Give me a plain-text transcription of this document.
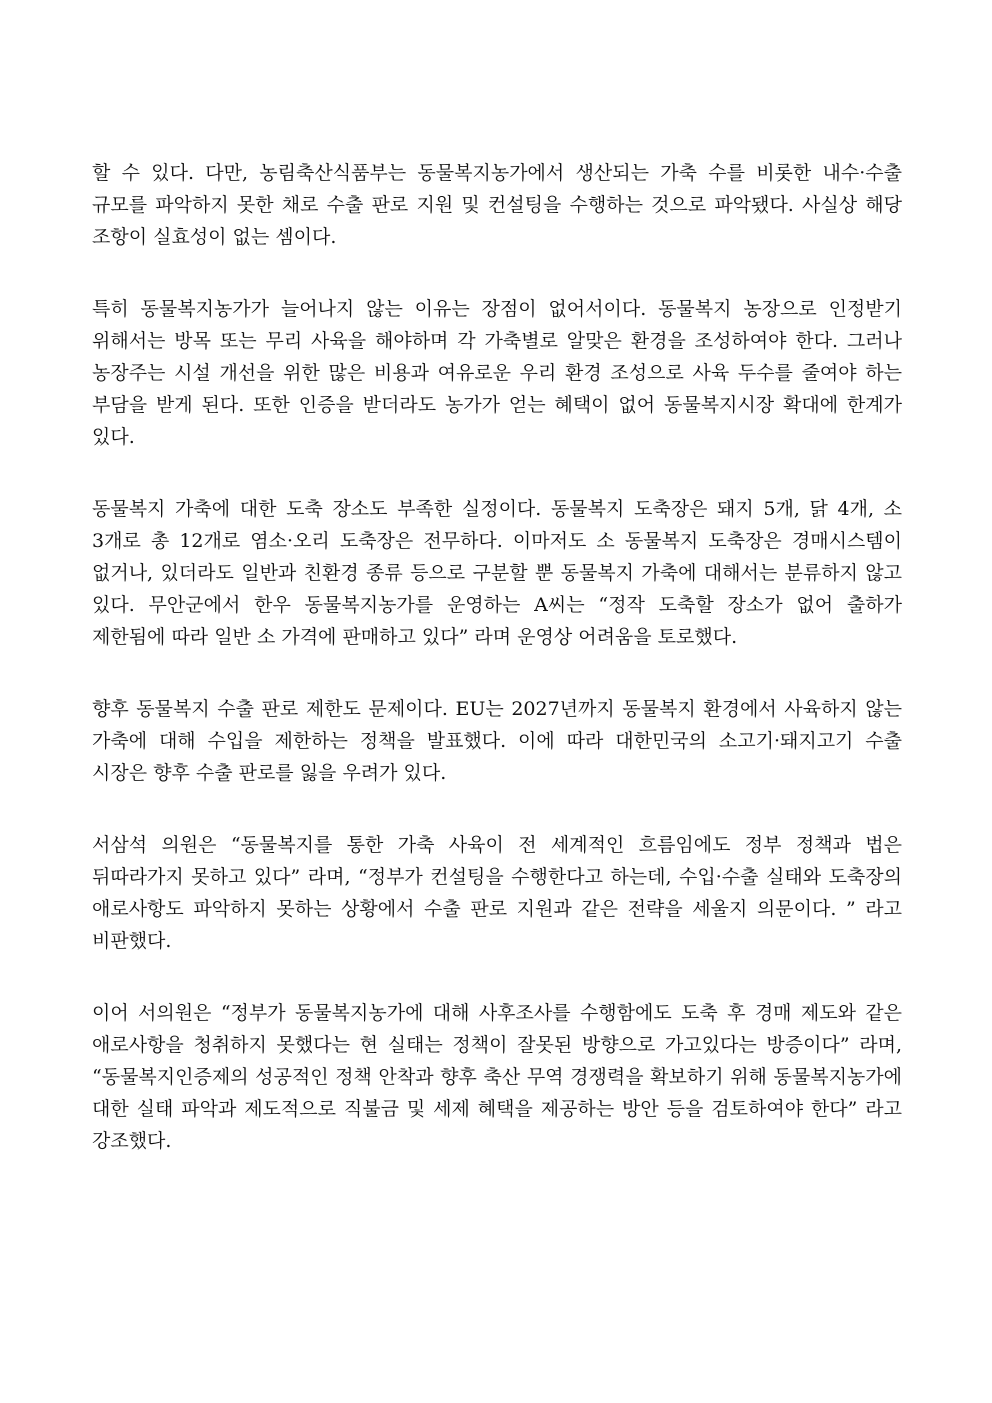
할 수 있다. 다만, 농림축산식품부는 동물복지농가에서 생산되는 가축 수를 비롯한 내수·수출 규모를 파악하지 못한 채로 수출 판로 지원 및 컨설팅을 수행하는 것으로 파악됐다. 사실상 해당 조항이 실효성이 없는 셈이다.

특히 동물복지농가가 늘어나지 않는 이유는 장점이 없어서이다. 동물복지 농장으로 인정받기 위해서는 방목 또는 무리 사육을 해야하며 각 가축별로 알맞은 환경을 조성하여야 한다. 그러나 농장주는 시설 개선을 위한 많은 비용과 여유로운 우리 환경 조성으로 사육 두수를 줄여야 하는 부담을 받게 된다. 또한 인증을 받더라도 농가가 얻는 혜택이 없어 동물복지시장 확대에 한계가 있다.

동물복지 가축에 대한 도축 장소도 부족한 실정이다. 동물복지 도축장은 돼지 5개, 닭 4개, 소 3개로 총 12개로 염소·오리 도축장은 전무하다. 이마저도 소 동물복지 도축장은 경매시스템이 없거나, 있더라도 일반과 친환경 종류 등으로 구분할 뿐 동물복지 가축에 대해서는 분류하지 않고 있다. 무안군에서 한우 동물복지농가를 운영하는 A씨는 “정작 도축할 장소가 없어 출하가 제한됨에 따라 일반 소 가격에 판매하고 있다” 라며 운영상 어려움을 토로했다.

향후 동물복지 수출 판로 제한도 문제이다. EU는 2027년까지 동물복지 환경에서 사육하지 않는 가축에 대해 수입을 제한하는 정책을 발표했다. 이에 따라 대한민국의 소고기·돼지고기 수출 시장은 향후 수출 판로를 잃을 우려가 있다.

서삼석 의원은 “동물복지를 통한 가축 사육이 전 세계적인 흐름임에도 정부 정책과 법은 뒤따라가지 못하고 있다” 라며, “정부가 컨설팅을 수행한다고 하는데, 수입·수출 실태와 도축장의 애로사항도 파악하지 못하는 상황에서 수출 판로 지원과 같은 전략을 세울지 의문이다. ” 라고 비판했다.

이어 서의원은 “정부가 동물복지농가에 대해 사후조사를 수행함에도 도축 후 경매 제도와 같은 애로사항을 청취하지 못했다는 현 실태는 정책이 잘못된 방향으로 가고있다는 방증이다” 라며, “동물복지인증제의 성공적인 정책 안착과 향후 축산 무역 경쟁력을 확보하기 위해 동물복지농가에 대한 실태 파악과 제도적으로 직불금 및 세제 혜택을 제공하는 방안 등을 검토하여야 한다” 라고 강조했다.
